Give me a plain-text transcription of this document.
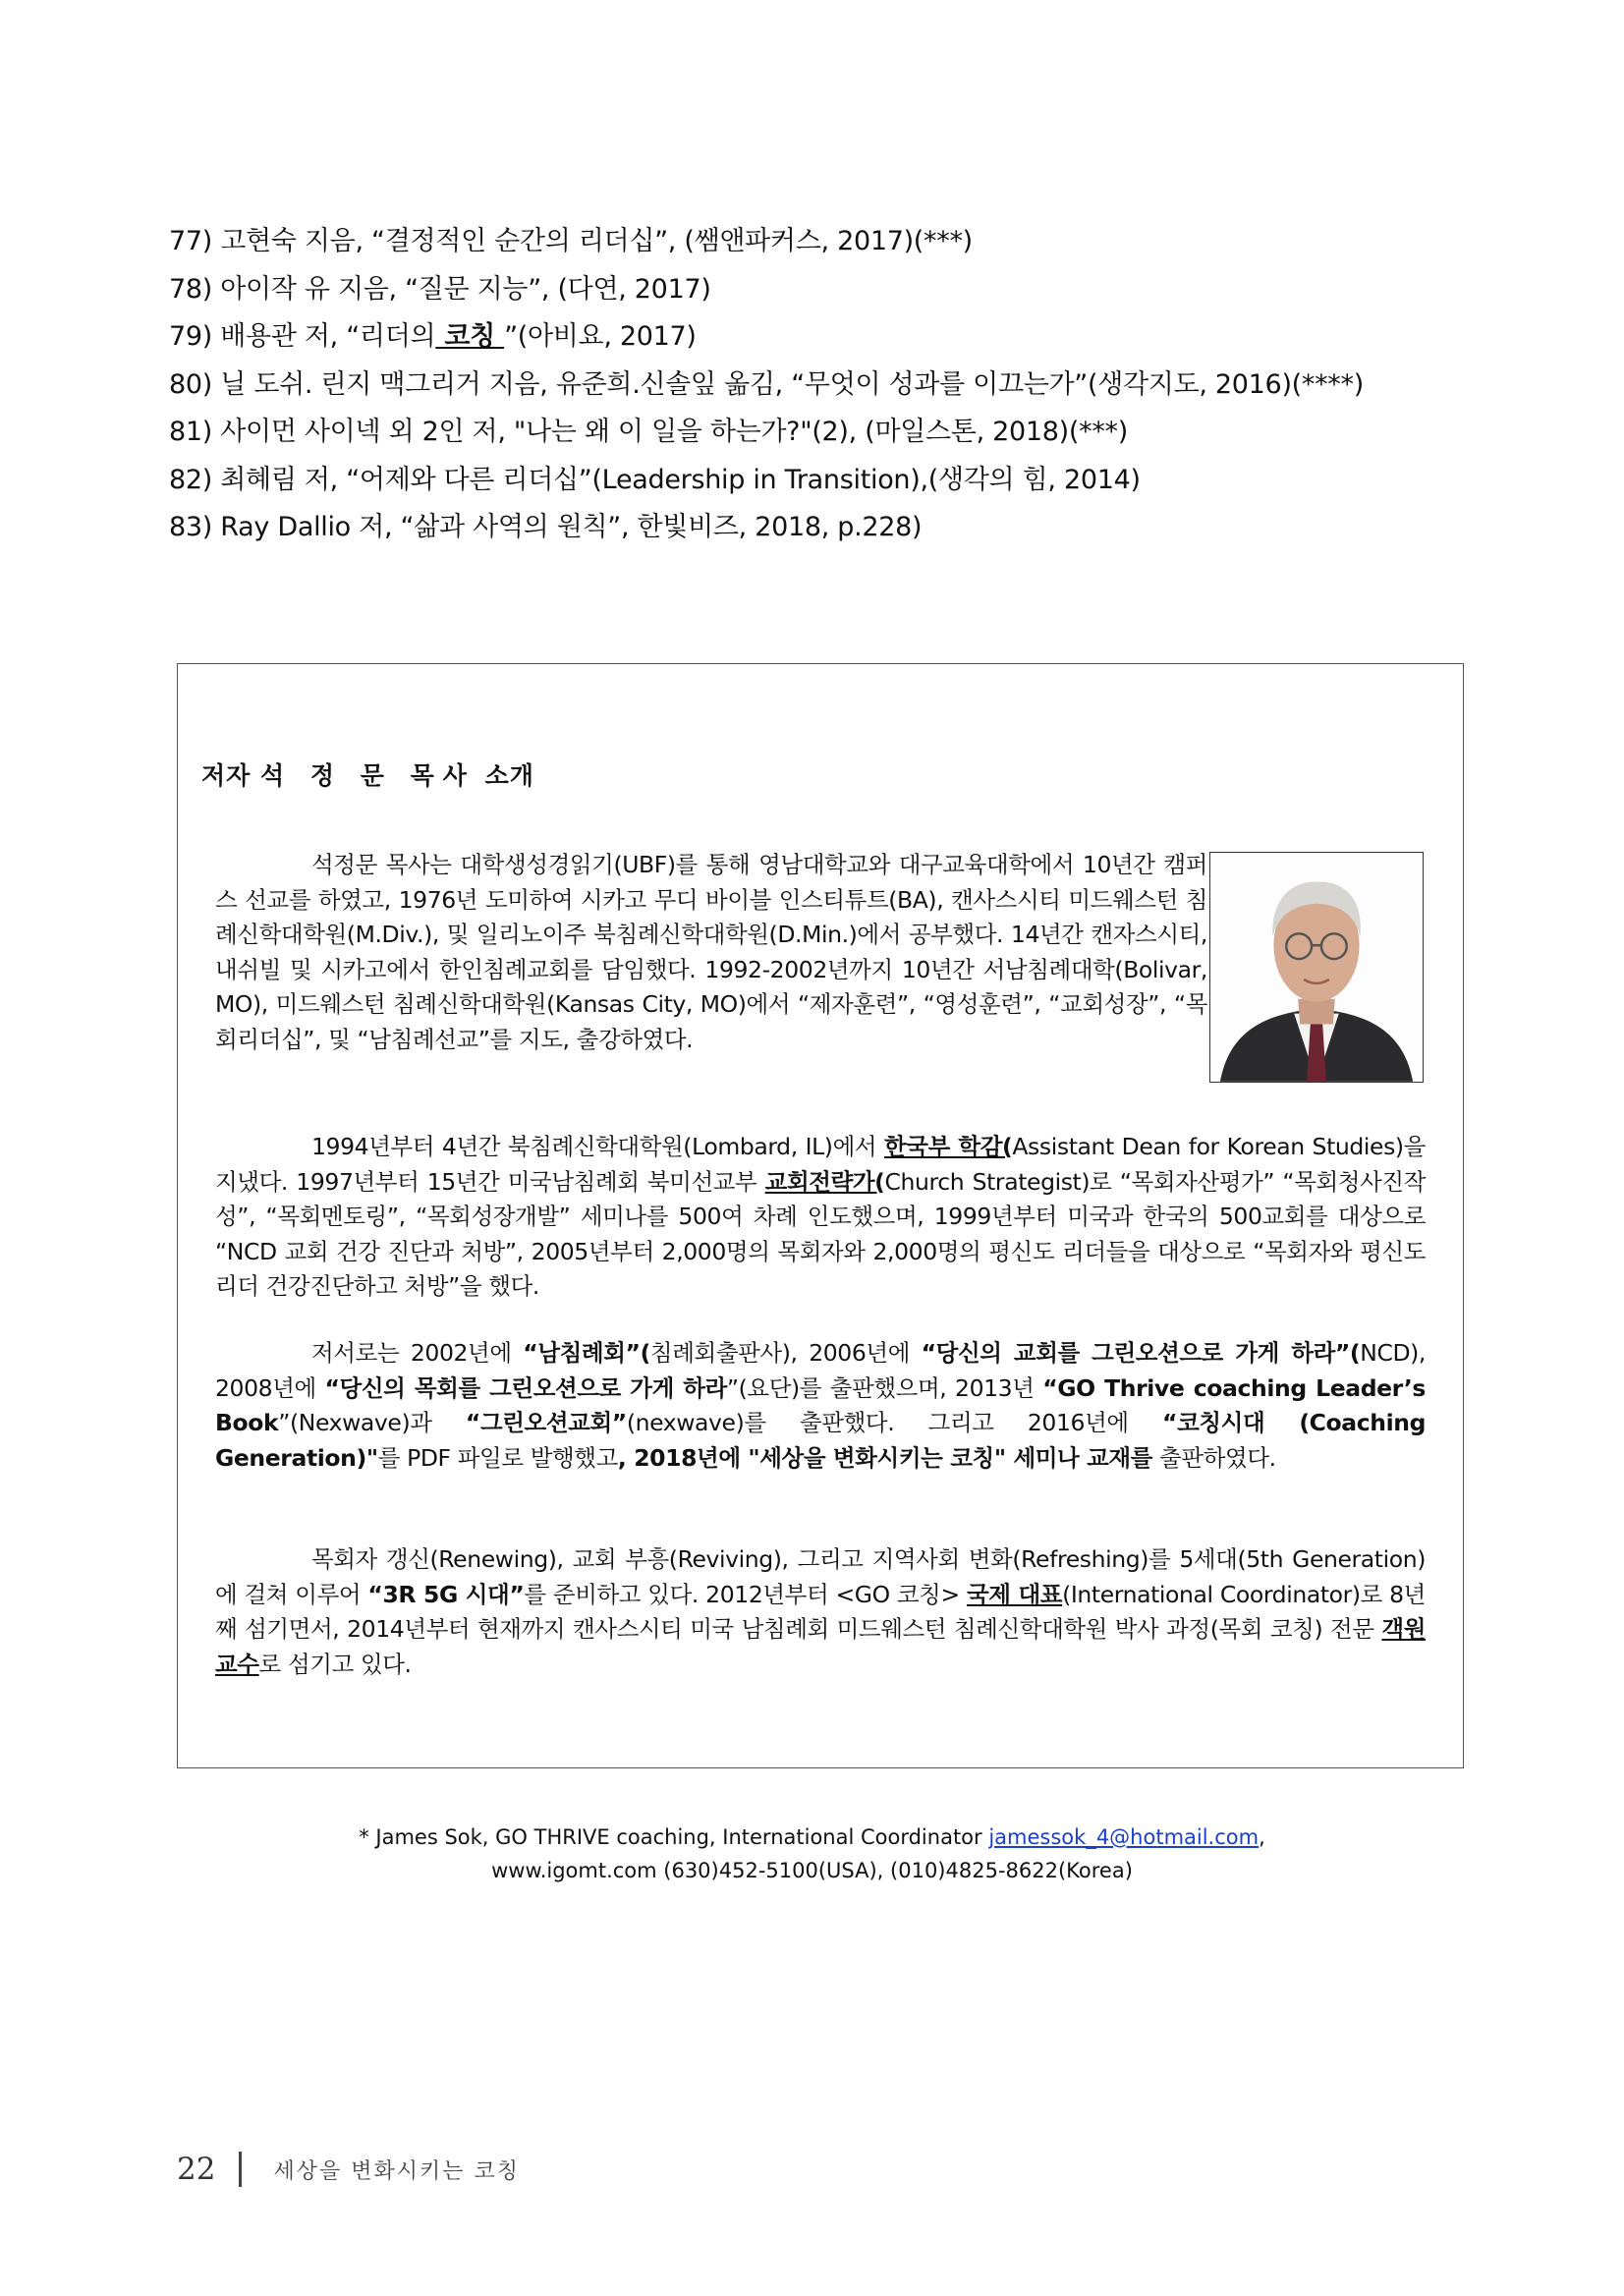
77) 고현숙 지음, “결정적인 순간의 리더십”, (쌤앤파커스, 2017)(***)
78) 아이작 유 지음, “질문 지능”, (다연, 2017)
79) 배용관 저, “리더의 코칭 ”(아비요, 2017)
80) 닐 도쉬. 린지 맥그리거 지음, 유준희.신솔잎 옮김, “무엇이 성과를 이끄는가”(생각지도, 2016)(****)
81) 사이먼 사이넥 외 2인 저, "나는 왜 이 일을 하는가?"(2), (마일스톤, 2018)(***)
82) 최혜림 저, “어제와 다른 리더십”(Leadership in Transition),(생각의 힘, 2014)
83) Ray Dallio 저, “삶과 사역의 원칙”, 한빛비즈, 2018, p.228)
저자 석 정 문 목사 소개

석정문 목사는 대학생성경읽기(UBF)를 통해 영남대학교와 대구교육대학에서 10년간 캠퍼스 선교를 하였고, 1976년 도미하여 시카고 무디 바이블 인스티튜트(BA), 캔사스시티 미드웨스턴 침례신학대학원(M.Div.), 및 일리노이주 북침례신학대학원(D.Min.)에서 공부했다. 14년간 캔자스시티, 내쉬빌 및 시카고에서 한인침례교회를 담임했다. 1992-2002년까지 10년간 서남침례대학(Bolivar, MO), 미드웨스턴 침례신학대학원(Kansas City, MO)에서 “제자훈련”, “영성훈련”, “교회성장”, “목회리더십”, 및 “남침례선교”를 지도, 출강하였다.

1994년부터 4년간 북침례신학대학원(Lombard, IL)에서 한국부 학감(Assistant Dean for Korean Studies)을 지냈다. 1997년부터 15년간 미국남침례회 북미선교부 교회전략가(Church Strategist)로 “목회자산평가” “목회청사진작성”, “목회멘토링”, “목회성장개발” 세미나를 500여 차례 인도했으며, 1999년부터 미국과 한국의 500교회를 대상으로 “NCD 교회 건강 진단과 처방”, 2005년부터 2,000명의 목회자와 2,000명의 평신도 리더들을 대상으로 “목회자와 평신도 리더 건강진단하고 처방”을 했다.

저서로는 2002년에 “남침례회”(침례회출판사), 2006년에 “당신의 교회를 그린오션으로 가게 하라”(NCD), 2008년에 “당신의 목회를 그린오션으로 가게 하라”(요단)를 출판했으며, 2013년 “GO Thrive coaching Leader’s Book”(Nexwave)과 “그린오션교회”(nexwave)를 출판했다. 그리고 2016년에 “코칭시대 (Coaching Generation)"를 PDF 파일로 발행했고, 2018년에 "세상을 변화시키는 코칭" 세미나 교재를 출판하였다.

목회자 갱신(Renewing), 교회 부흥(Reviving), 그리고 지역사회 변화(Refreshing)를 5세대(5th Generation)에 걸쳐 이루어 “3R 5G 시대”를 준비하고 있다. 2012년부터 <GO 코칭> 국제 대표(International Coordinator)로 8년째 섬기면서, 2014년부터 현재까지 캔사스시티 미국 남침례회 미드웨스턴 침례신학대학원 박사 과정(목회 코칭) 전문 객원 교수로 섬기고 있다.

* James Sok, GO THRIVE coaching, International Coordinator jamessok_4@hotmail.com,
www.igomt.com (630)452-5100(USA), (010)4825-8622(Korea)
22	세상을 변화시키는 코칭
